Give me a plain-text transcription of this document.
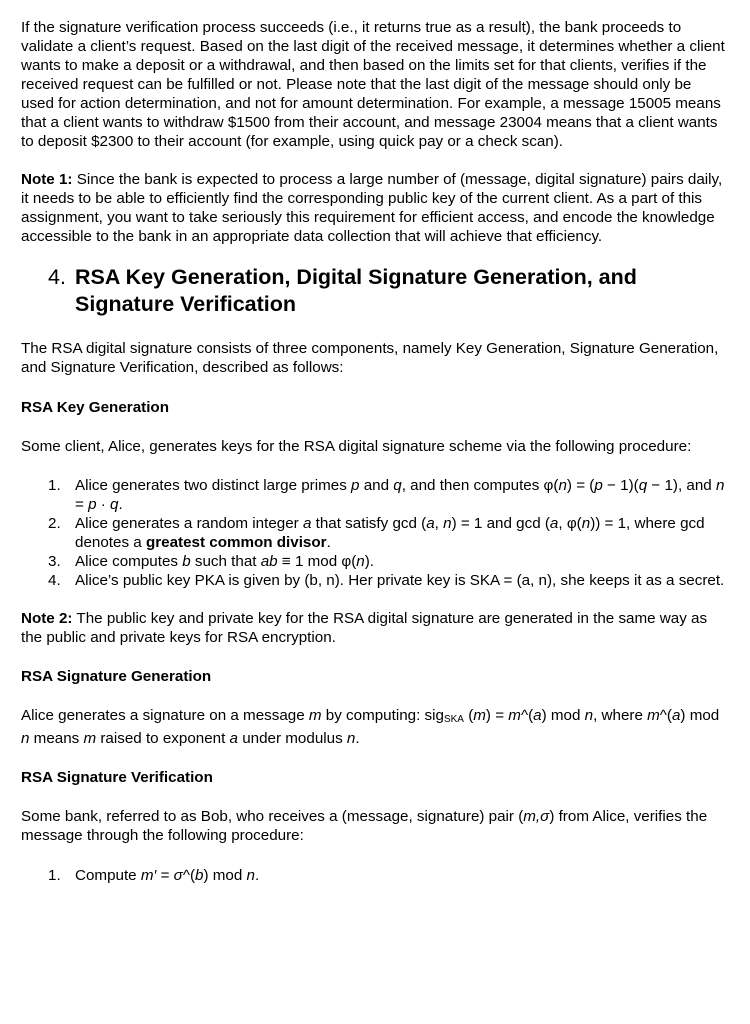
If the signature verification process succeeds (i.e., it returns true as a result), the bank proceeds to validate a client’s request. Based on the last digit of the received message, it determines whether a client wants to make a deposit or a withdrawal, and then based on the limits set for that clients, verifies if the received request can be fulfilled or not. Please note that the last digit of the message should only be used for action determination, and not for amount determination. For example, a message 15005 means that a client wants to withdraw $1500 from their account, and message 23004 means that a client wants to deposit $2300 to their account (for example, using quick pay or a check scan).

Note 1: Since the bank is expected to process a large number of (message, digital signature) pairs daily, it needs to be able to efficiently find the corresponding public key of the current client. As a part of this assignment, you want to take seriously this requirement for efficient access, and encode the knowledge accessible to the bank in an appropriate data collection that will achieve that efficiency.

4 . RSA Key Generation, Digital Signature Generation, and Signature Verification

The RSA digital signature consists of three components, namely Key Generation, Signature Generation, and Signature Verification, described as follows:

RSA Key Generation

Some client, Alice, generates keys for the RSA digital signature scheme via the following procedure:

1. Alice generates two distinct large primes p and q, and then computes φ(n) = (p − 1)(q − 1), and n = p · q.
2. Alice generates a random integer a that satisfy gcd (a, n) = 1 and gcd (a, φ(n)) = 1, where gcd denotes a greatest common divisor.
3. Alice computes b such that ab ≡ 1 mod φ(n).
4. Alice’s public key PKA is given by (b, n). Her private key is SKA = (a, n), she keeps it as a secret.

Note 2: The public key and private key for the RSA digital signature are generated in the same way as the public and private keys for RSA encryption.

RSA Signature Generation

Alice generates a signature on a message m by computing: sig$_{SKA}$ (m) = m^(a) mod n, where m^(a) mod n means m raised to exponent a under modulus n.

RSA Signature Verification

Some bank, referred to as Bob, who receives a (message, signature) pair (m,σ) from Alice, verifies the message through the following procedure:

1. Compute m′ = σ^(b) mod n.
